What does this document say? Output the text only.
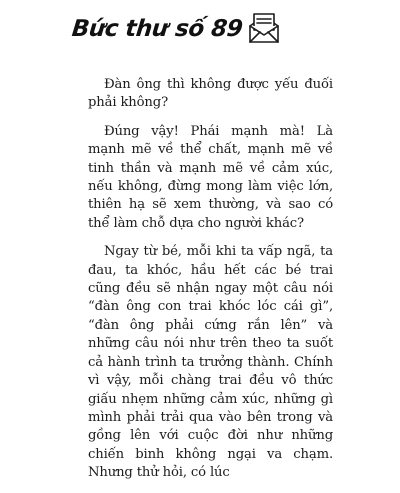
Bức thư số 89

Đàn ông thì không được yếu đuối phải không?

Đúng vậy! Phái mạnh mà! Là mạnh mẽ về thể chất, mạnh mẽ về tinh thần và mạnh mẽ về cảm xúc, nếu không, đừng mong làm việc lớn, thiên hạ sẽ xem thường, và sao có thể làm chỗ dựa cho người khác?

Ngay từ bé, mỗi khi ta vấp ngã, ta đau, ta khóc, hầu hết các bé trai cũng đều sẽ nhận ngay một câu nói “đàn ông con trai khóc lóc cái gì”, “đàn ông phải cứng rắn lên” và những câu nói như trên theo ta suốt cả hành trình ta trưởng thành. Chính vì vậy, mỗi chàng trai đều vô thức giấu nhẹm những cảm xúc, những gì mình phải trải qua vào bên trong và gồng lên với cuộc đời như những chiến binh không ngại va chạm. Nhưng thử hỏi, có lúc
